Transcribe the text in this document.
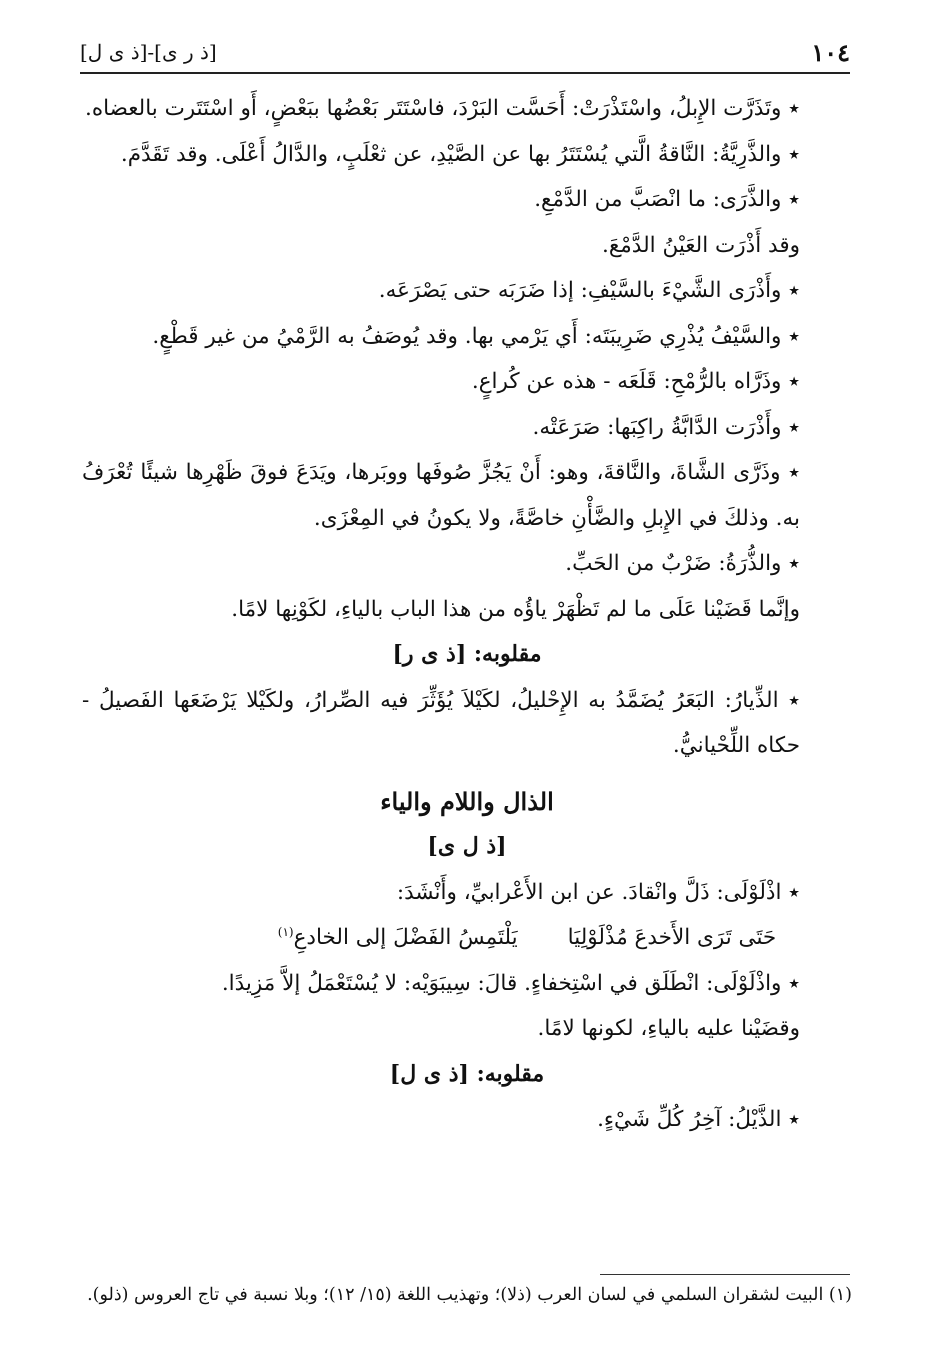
١٠٤
[ذ ر ی]-[ذ ی ل]

٭ وتَذَرَّت الإِبلُ، واسْتَذْرَتْ: أَحَسَّت البَرْدَ، فاسْتَتَر بَعْضُها ببَعْضٍ، أَو اسْتَتَرت بالعضاه.

٭ والذَّرِيَّةُ: النَّاقةُ الَّتي يُسْتَتَرُ بها عن الصَّيْدِ، عن ثعْلَبٍ، والدَّالُ أَعْلَى. وقد تَقَدَّمَ.

٭ والذَّرَى: ما انْصَبَّ من الدَّمْعِ.

وقد أَذْرَت العَيْنُ الدَّمْعَ.

٭ وأَذْرَى الشَّيْءَ بالسَّيْفِ: إذا ضَرَبَه حتى يَصْرَعَه.

٭ والسَّيْفُ يُذْرِي ضَرِيبَتَه: أَي يَرْمي بها. وقد يُوصَفُ به الرَّمْيُ من غير قَطْعٍ.

٭ وذَرَّاه بالرُّمْحِ: قَلَعَه - هذه عن كُراعٍ.

٭ وأَذْرَت الدَّابَّةُ راكِبَها: صَرَعَتْه.

٭ وذَرَّى الشَّاةَ، والنَّاقةَ، وهو: أَنْ يَجُزَّ صُوفَها ووبَرها، ويَدَعَ فوقَ ظَهْرِها شيئًا تُعْرَفُ به. وذلكَ في الإِبلِ والضَّأْنِ خاصَّةً، ولا يكونُ في المِعْزَى.

٭ والذُّرَةُ: ضَرْبٌ من الحَبِّ.

وإنَّما قَضَيْنا عَلَى ما لم تَظْهَرْ ياؤُه من هذا الباب بالياءِ، لكَوْنِها لامًا.

مقلوبه: [ذ ی ر]

٭ الذِّيارُ: البَعَرُ يُضَمَّدُ به الإِحْليلُ، لكَيْلاَ يُؤَثِّرَ فيه الصِّرارُ، ولكَيْلا يَرْضَعَها الفَصيلُ - حكاه اللِّحْيانيُّ.

الذال واللام والياء

[ذ ل ی]

٭ اذْلَوْلَى: ذَلَّ وانْقادَ. عن ابن الأَعْرابيِّ، وأَنْشَدَ:

حَتَى تَرَى الأَخدعَ مُذْلَوْلِيَا
يَلْتَمِسُ الفَضْلَ إلى الخادعِ$^{(١)}$

٭ واذْلَوْلَى: انْطَلَق في اسْتِخفاءٍ. قالَ: سِيبَوَيْه: لا يُسْتَعْمَلُ إلاَّ مَزِيدًا.

وقضَيْنا عليه بالياءِ، لكونها لامًا.

مقلوبه: [ذ ی ل]

٭ الذَّيْلُ: آخِرُ كُلِّ شَيْءٍ.

(١) البيت لشقران السلمي في لسان العرب (ذلا)؛ وتهذيب اللغة (١٥/ ١٢)؛ وبلا نسبة في تاج العروس (ذلو).
